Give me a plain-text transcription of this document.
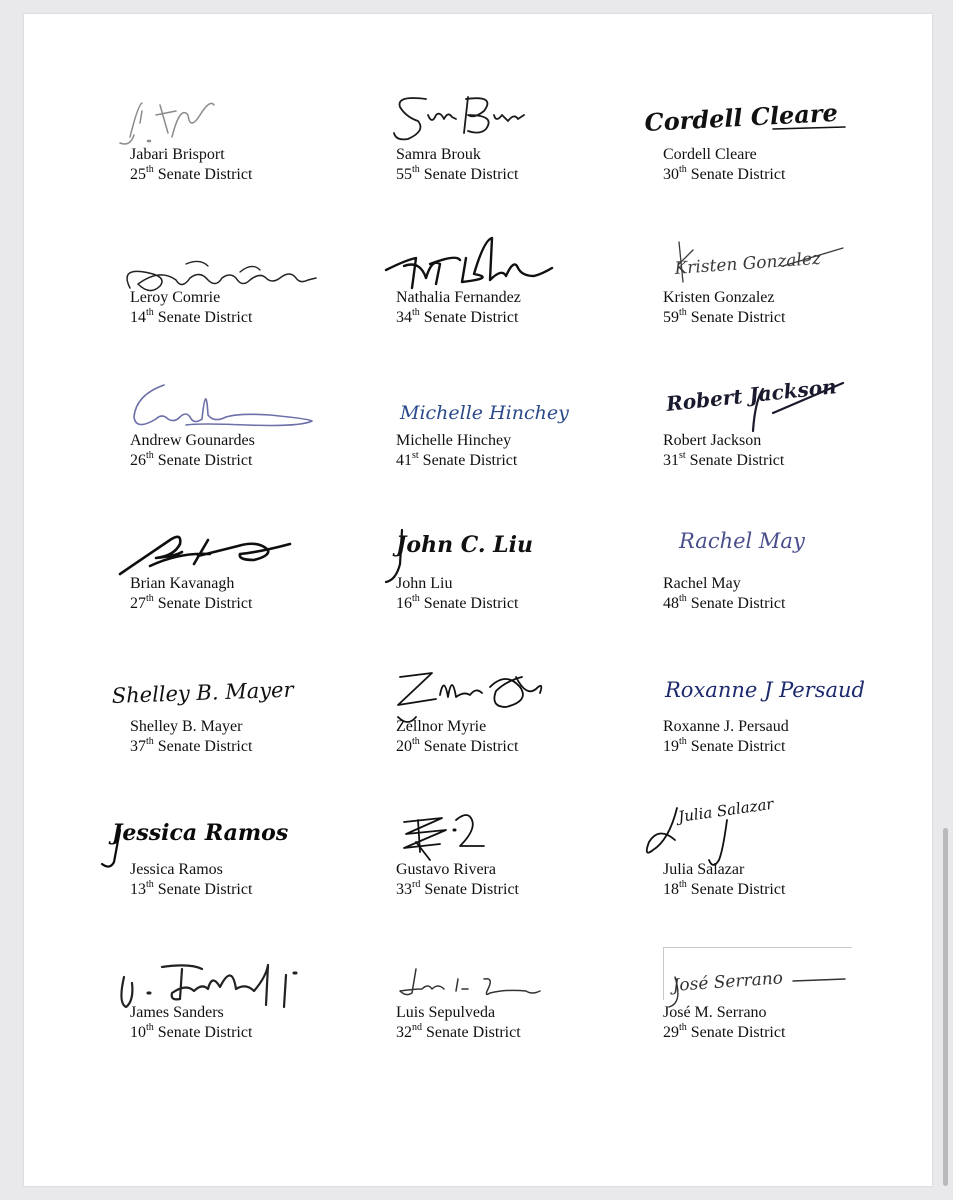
Jabari Brisport
25th Senate District
Samra Brouk
55th Senate District
Cordell Cleare
Cordell Cleare
30th Senate District
Leroy Comrie
14th Senate District
Nathalia Fernandez
34th Senate District
Kristen Gonzalez
Kristen Gonzalez
59th Senate District
Andrew Gounardes
26th Senate District
Michelle Hinchey
Michelle Hinchey
41st Senate District
Robert Jackson
Robert Jackson
31st Senate District
Brian Kavanagh
27th Senate District
John C. Liu
John Liu
16th Senate District
Rachel May
Rachel May
48th Senate District
Shelley B. Mayer
Shelley B. Mayer
37th Senate District
Zellnor Myrie
20th Senate District
Roxanne J Persaud
Roxanne J. Persaud
19th Senate District
Jessica Ramos
Jessica Ramos
13th Senate District
Gustavo Rivera
33rd Senate District
Julia Salazar
Julia Salazar
18th Senate District
James Sanders
10th Senate District
Luis Sepulveda
32nd Senate District
José Serrano
José M. Serrano
29th Senate District
